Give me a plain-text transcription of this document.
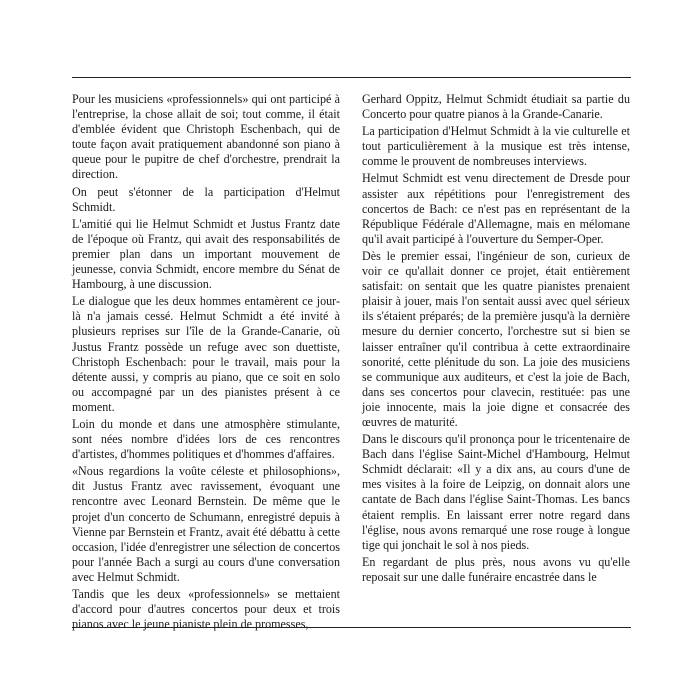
Pour les musiciens «professionnels» qui ont participé à l'entreprise, la chose allait de soi; tout comme, il était d'emblée évident que Christoph Eschenbach, qui de toute façon avait pratiquement abandonné son piano à queue pour le pupitre de chef d'orchestre, prendrait la direction.

On peut s'étonner de la participation d'Helmut Schmidt.

L'amitié qui lie Helmut Schmidt et Justus Frantz date de l'époque où Frantz, qui avait des responsabilités de premier plan dans un important mouvement de jeunesse, convia Schmidt, encore membre du Sénat de Hambourg, à une discussion.

Le dialogue que les deux hommes entamèrent ce jour-là n'a jamais cessé. Helmut Schmidt a été invité à plusieurs reprises sur l'île de la Grande-Canarie, où Justus Frantz possède un refuge avec son duettiste, Christoph Eschenbach: pour le travail, mais pour la détente aussi, y compris au piano, que ce soit en solo ou accompagné par un des pianistes présent à ce moment.

Loin du monde et dans une atmosphère stimulante, sont nées nombre d'idées lors de ces rencontres d'artistes, d'hommes politiques et d'hommes d'affaires.

«Nous regardions la voûte céleste et philosophions», dit Justus Frantz avec ravissement, évoquant une rencontre avec Leonard Bernstein. De même que le projet d'un concerto de Schumann, enregistré depuis à Vienne par Bernstein et Frantz, avait été débattu à cette occasion, l'idée d'enregistrer une sélection de concertos pour l'année Bach a surgi au cours d'une conversation avec Helmut Schmidt.

Tandis que les deux «professionnels» se mettaient d'accord pour d'autres concertos pour deux et trois pianos avec le jeune pianiste plein de promesses,

Gerhard Oppitz, Helmut Schmidt étudiait sa partie du Concerto pour quatre pianos à la Grande-Canarie.

La participation d'Helmut Schmidt à la vie culturelle et tout particulièrement à la musique est très intense, comme le prouvent de nombreuses interviews.

Helmut Schmidt est venu directement de Dresde pour assister aux répétitions pour l'enregistrement des concertos de Bach: ce n'est pas en représentant de la République Fédérale d'Allemagne, mais en mélomane qu'il avait participé à l'ouverture du Semper-Oper.

Dès le premier essai, l'ingénieur de son, curieux de voir ce qu'allait donner ce projet, était entièrement satisfait: on sentait que les quatre pianistes prenaient plaisir à jouer, mais l'on sentait aussi avec quel sérieux ils s'étaient préparés; de la première jusqu'à la dernière mesure du dernier concerto, l'orchestre sut si bien se laisser entraîner qu'il contribua à cette extraordinaire sonorité, cette plénitude du son. La joie des musiciens se communique aux auditeurs, et c'est la joie de Bach, dans ses concertos pour clavecin, restituée: pas une joie innocente, mais la joie digne et consacrée des œuvres de maturité.

Dans le discours qu'il prononça pour le tricentenaire de Bach dans l'église Saint-Michel d'Hambourg, Helmut Schmidt déclarait: «Il y a dix ans, au cours d'une de mes visites à la foire de Leipzig, on donnait alors une cantate de Bach dans l'église Saint-Thomas. Les bancs étaient remplis. En laissant errer notre regard dans l'église, nous avons remarqué une rose rouge à longue tige qui jonchait le sol à nos pieds.

En regardant de plus près, nous avons vu qu'elle reposait sur une dalle funéraire encastrée dans le
